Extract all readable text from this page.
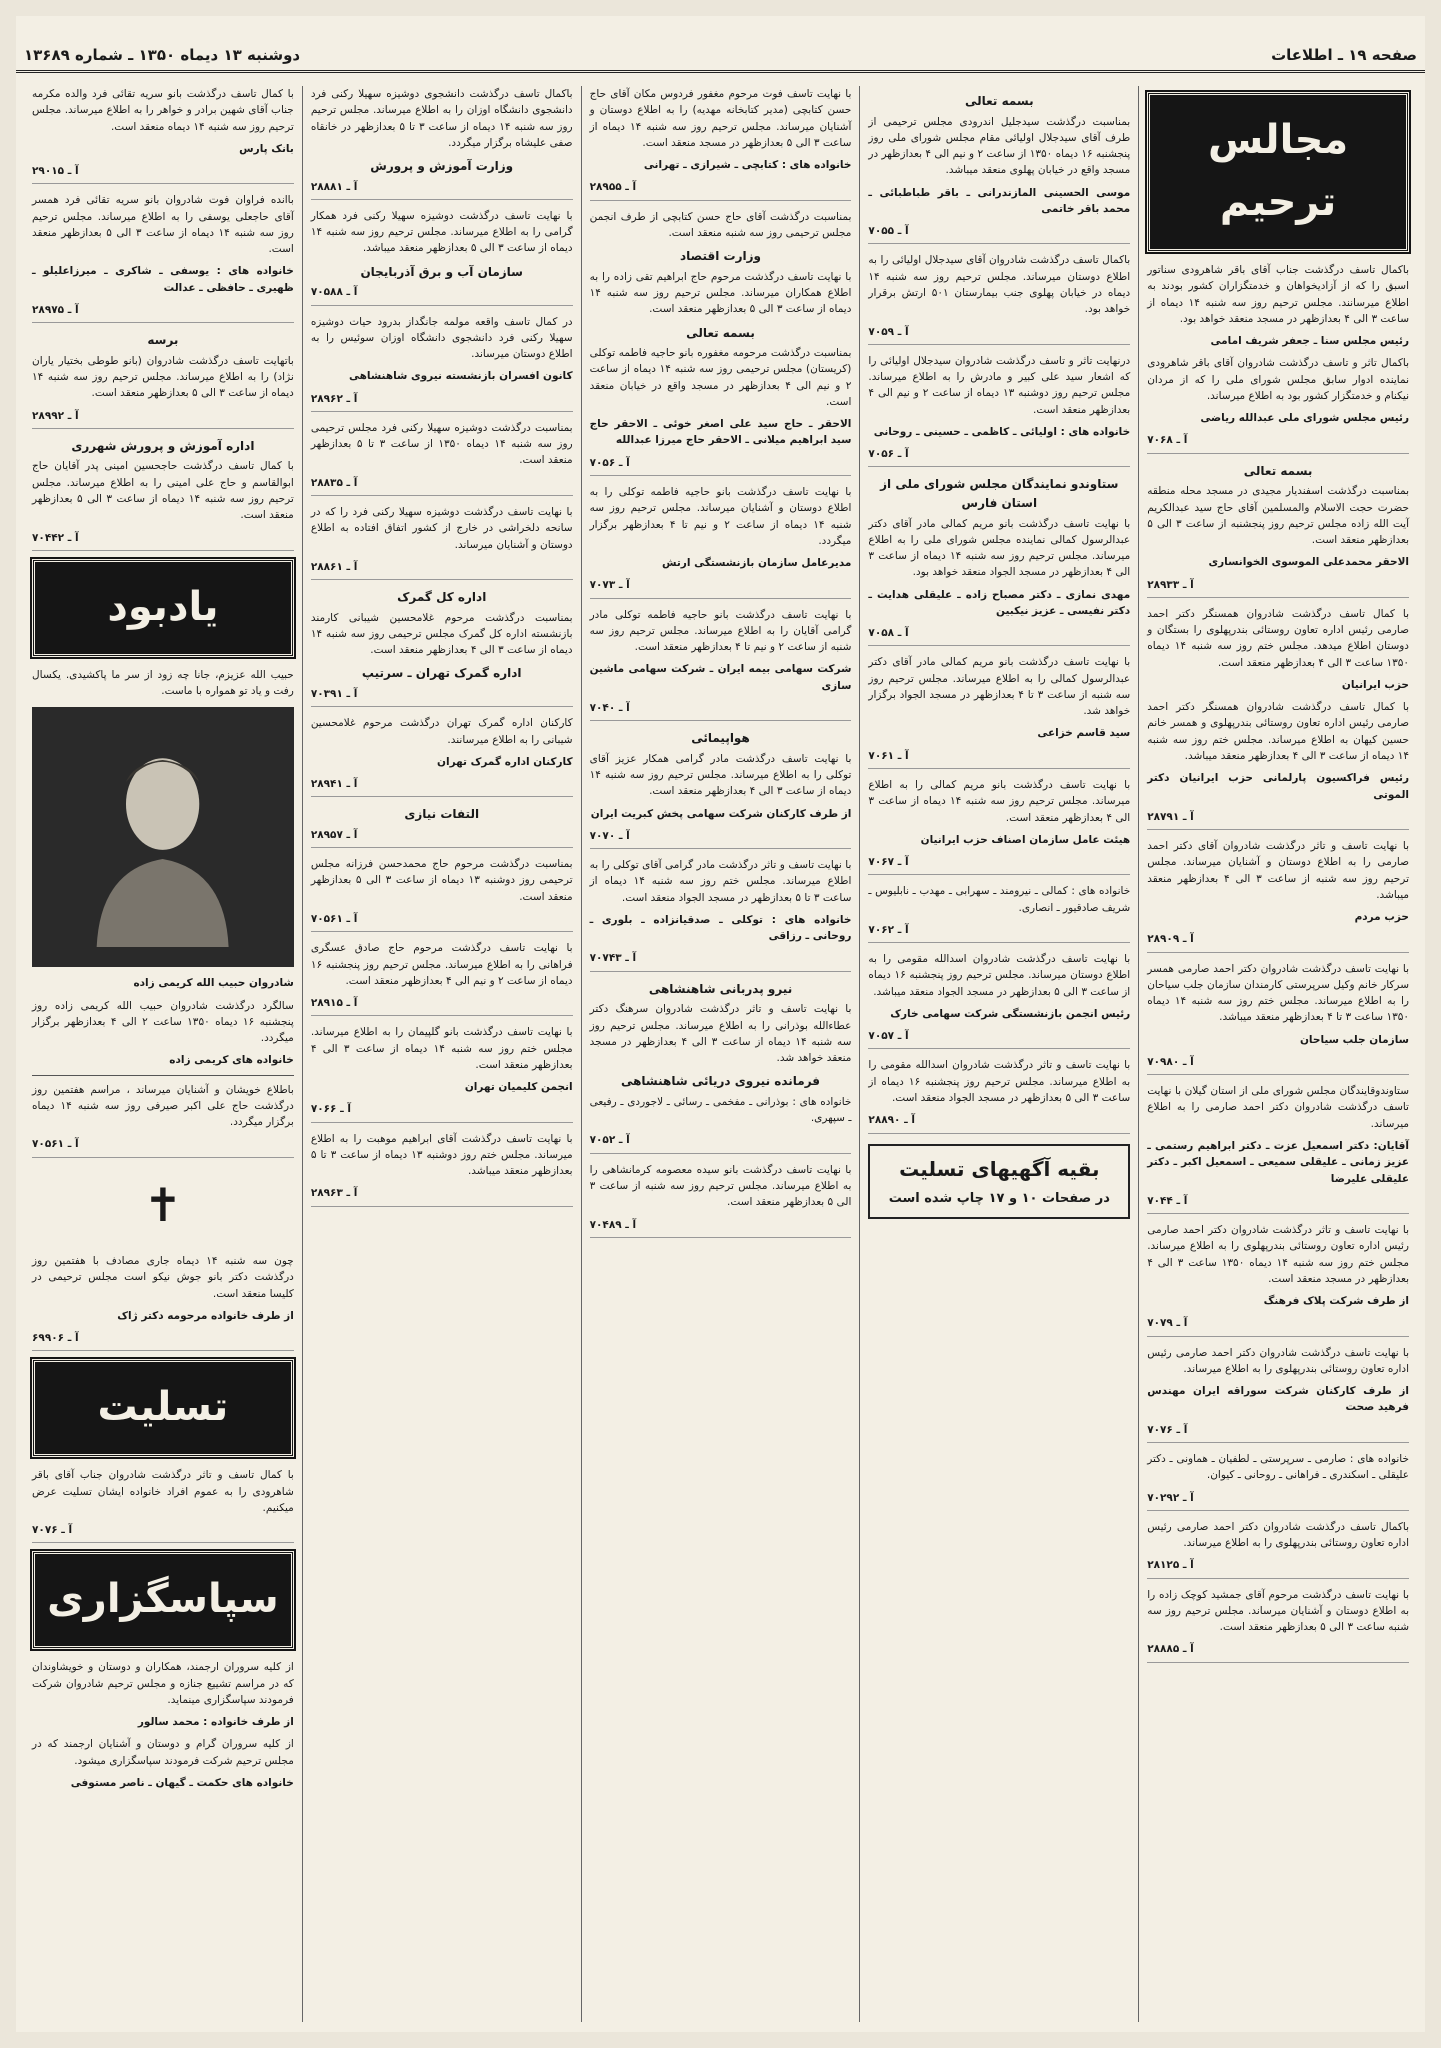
صفحه ۱۹ ـ اطلاعات
دوشنبه ۱۳ دیماه ۱۳۵۰ ـ شماره ۱۳۶۸۹
مجالس ترحيم

باکمال تاسف درگذشت جناب آقای باقر شاهرودی سناتور اسبق را که از آزادیخواهان و خدمتگزاران کشور بودند به اطلاع میرسانند. مجلس ترحیم روز سه شنبه ۱۴ دیماه از ساعت ۳ الی ۴ بعدازظهر در مسجد منعقد خواهد بود.

رئیس مجلس سنا ـ جعفر شریف امامی

باکمال تاثر و تاسف درگذشت شادروان آقای باقر شاهرودی نماینده ادوار سابق مجلس شورای ملی را که از مردان نیکنام و خدمتگزار کشور بود به اطلاع میرساند.

رئیس مجلس شورای ملی عبدالله ریاضی

آ ـ ۷۰۶۸
بسمه تعالی

بمناسبت درگذشت اسفندیار مجیدی در مسجد محله منطقه حضرت حجت الاسلام والمسلمین آقای حاج سید عبدالکریم آیت الله زاده مجلس ترحیم روز پنجشنبه از ساعت ۳ الی ۵ بعدازظهر منعقد است.

الاحقر محمدعلی الموسوی الخوانساری

آ ـ ۲۸۹۳۳

با کمال تاسف درگذشت شادروان همسنگر دکتر احمد صارمی رئیس اداره تعاون روستائی بندرپهلوی را بستگان و دوستان اطلاع میدهد. مجلس ختم روز سه شنبه ۱۴ دیماه ۱۳۵۰ ساعت ۳ الی ۴ بعدازظهر منعقد است.

حزب ایرانیان

با کمال تاسف درگذشت شادروان همسنگر دکتر احمد صارمی رئیس اداره تعاون روستائی بندرپهلوی و همسر خانم حسین کیهان به اطلاع میرساند. مجلس ختم روز سه شنبه ۱۴ دیماه از ساعت ۳ الی ۴ بعدازظهر منعقد میباشد.

رئیس فراکسیون پارلمانی حزب ایرانیان دکتر الموتی

آ ـ ۲۸۷۹۱

با نهایت تاسف و تاثر درگذشت شادروان آقای دکتر احمد صارمی را به اطلاع دوستان و آشنایان میرساند. مجلس ترحیم روز سه شنبه از ساعت ۳ الی ۴ بعدازظهر منعقد میباشد.

حزب مردم

آ ـ ۲۸۹۰۹

با نهایت تاسف درگذشت شادروان دکتر احمد صارمی همسر سرکار خانم وکیل سرپرستی کارمندان سازمان جلب سیاحان را به اطلاع میرساند. مجلس ختم روز سه شنبه ۱۴ دیماه ۱۳۵۰ ساعت ۳ تا ۴ بعدازظهر منعقد میباشد.

سازمان جلب سیاحان

آ ـ ۷۰۹۸۰

ستاوندوقایندگان مجلس شورای ملی از استان گیلان با نهایت تاسف درگذشت شادروان دکتر احمد صارمی را به اطلاع میرساند.

آقایان: دکتر اسمعیل عزت ـ دکتر ابراهیم رستمی ـ عزیز زمانی ـ علیقلی سمیعی ـ اسمعیل اکبر ـ دکتر علیقلی علیرضا

آ ـ ۷۰۴۴

با نهایت تاسف و تاثر درگذشت شادروان دکتر احمد صارمی رئیس اداره تعاون روستائی بندرپهلوی را به اطلاع میرساند. مجلس ختم روز سه شنبه ۱۴ دیماه ۱۳۵۰ ساعت ۳ الی ۴ بعدازظهر در مسجد منعقد است.

از طرف شرکت پلاک فرهنگ

آ ـ ۷۰۷۹

با نهایت تاسف درگذشت شادروان دکتر احمد صارمی رئیس اداره تعاون روستائی بندرپهلوی را به اطلاع میرساند.

از طرف کارکنان شرکت سوراقه ایران مهندس فرهید صحت

آ ـ ۷۰۷۶

خانواده های : صارمی ـ سرپرستی ـ لطفیان ـ هماونی ـ دکتر علیقلی ـ اسکندری ـ فراهانی ـ روحانی ـ کیوان.

آ ـ ۷۰۲۹۲

باکمال تاسف درگذشت شادروان دکتر احمد صارمی رئیس اداره تعاون روستائی بندرپهلوی را به اطلاع میرساند.

آ ـ ۲۸۱۲۵

با نهایت تاسف درگذشت مرحوم آقای جمشید کوچک زاده را به اطلاع دوستان و آشنایان میرساند. مجلس ترحیم روز سه شنبه ساعت ۳ الی ۵ بعدازظهر منعقد است.

آ ـ ۲۸۸۸۵
بسمه تعالی

بمناسبت درگذشت سیدجلیل اندرودی مجلس ترحیمی از طرف آقای سیدجلال اولیائی مقام مجلس شورای ملی روز پنجشنبه ۱۶ دیماه ۱۳۵۰ از ساعت ۲ و نیم الی ۴ بعدازظهر در مسجد واقع در خیابان پهلوی منعقد میباشد.

موسی الحسینی المازندرانی ـ باقر طباطبائی ـ محمد باقر خاتمی

آ ـ ۷۰۵۵

باکمال تاسف درگذشت شادروان آقای سیدجلال اولیائی را به اطلاع دوستان میرساند. مجلس ترحیم روز سه شنبه ۱۴ دیماه در خیابان پهلوی جنب بیمارستان ۵۰۱ ارتش برقرار خواهد بود.

آ ـ ۷۰۵۹

درنهایت تاثر و تاسف درگذشت شادروان سیدجلال اولیائی را که اشعار سید علی کبیر و مادرش را به اطلاع میرساند. مجلس ترحیم روز دوشنبه ۱۳ دیماه از ساعت ۲ و نیم الی ۴ بعدازظهر منعقد است.

خانواده های : اولیائی ـ کاظمی ـ حسینی ـ روحانی

آ ـ ۷۰۵۶
ستاوندو نمایندگان مجلس شورای ملی از استان فارس

با نهایت تاسف درگذشت بانو مریم کمالی مادر آقای دکتر عبدالرسول کمالی نماینده مجلس شورای ملی را به اطلاع میرساند. مجلس ترحیم روز سه شنبه ۱۴ دیماه از ساعت ۳ الی ۴ بعدازظهر در مسجد الجواد منعقد خواهد بود.

مهدی نمازی ـ دکتر مصباح زاده ـ علیقلی هدایت ـ دکتر نفیسی ـ عزیز نیکبین

آ ـ ۷۰۵۸

با نهایت تاسف درگذشت بانو مریم کمالی مادر آقای دکتر عبدالرسول کمالی را به اطلاع میرساند. مجلس ترحیم روز سه شنبه از ساعت ۳ تا ۴ بعدازظهر در مسجد الجواد برگزار خواهد شد.

سید قاسم خزاعی

آ ـ ۷۰۶۱

با نهایت تاسف درگذشت بانو مریم کمالی را به اطلاع میرساند. مجلس ترحیم روز سه شنبه ۱۴ دیماه از ساعت ۳ الی ۴ بعدازظهر منعقد است.

هیئت عامل سازمان اصناف حزب ایرانیان

آ ـ ۷۰۶۷

خانواده های : کمالی ـ نیرومند ـ سهرابی ـ مهدب ـ نابلیوس ـ شریف صادقیور ـ انصاری.

آ ـ ۷۰۶۲

با نهایت تاسف درگذشت شادروان اسدالله مقومی را به اطلاع دوستان میرساند. مجلس ترحیم روز پنجشنبه ۱۶ دیماه از ساعت ۳ الی ۵ بعدازظهر در مسجد الجواد منعقد میباشد.

رئیس انجمن بازنشستگی شرکت سهامی خارک

آ ـ ۷۰۵۷

با نهایت تاسف و تاثر درگذشت شادروان اسدالله مقومی را به اطلاع میرساند. مجلس ترحیم روز پنجشنبه ۱۶ دیماه از ساعت ۳ الی ۵ بعدازظهر در مسجد الجواد منعقد است.

آ ـ ۲۸۸۹۰
بقیه آگهیهای تسلیت
در صفحات ۱۰ و ۱۷ چاپ شده است

با نهایت تاسف فوت مرحوم مغفور فردوس مکان آقای حاج حسن کتابچی (مدیر کتابخانه مهدیه) را به اطلاع دوستان و آشنایان میرساند. مجلس ترحیم روز سه شنبه ۱۴ دیماه از ساعت ۳ الی ۵ بعدازظهر در مسجد منعقد است.

خانواده های : کتابچی ـ شیرازی ـ تهرانی

آ ـ ۲۸۹۵۵

بمناسبت درگذشت آقای حاج حسن کتابچی از طرف انجمن مجلس ترحیمی روز سه شنبه منعقد است.

وزارت اقتصاد

با نهایت تاسف درگذشت مرحوم حاج ابراهیم تقی زاده را به اطلاع همکاران میرساند. مجلس ترحیم روز سه شنبه ۱۴ دیماه از ساعت ۳ الی ۵ بعدازظهر منعقد است.

بسمه تعالی

بمناسبت درگذشت مرحومه مغفوره بانو حاجیه فاطمه توکلی (کریستان) مجلس ترحیمی روز سه شنبه ۱۴ دیماه از ساعت ۲ و نیم الی ۴ بعدازظهر در مسجد واقع در خیابان منعقد است.

الاحقر ـ حاج سید علی اصغر خوئی ـ الاحقر حاج سید ابراهیم میلانی ـ الاحقر حاج میرزا عبدالله

آ ـ ۷۰۵۶

با نهایت تاسف درگذشت بانو حاجیه فاطمه توکلی را به اطلاع دوستان و آشنایان میرساند. مجلس ترحیم روز سه شنبه ۱۴ دیماه از ساعت ۲ و نیم تا ۴ بعدازظهر برگزار میگردد.

مدیرعامل سازمان بازنشستگی ارتش

آ ـ ۷۰۷۳

با نهایت تاسف درگذشت بانو حاجیه فاطمه توکلی مادر گرامی آقایان را به اطلاع میرساند. مجلس ترحیم روز سه شنبه از ساعت ۲ و نیم تا ۴ بعدازظهر منعقد است.

شرکت سهامی بیمه ایران ـ شرکت سهامی ماشین سازی

آ ـ ۷۰۴۰
هواپیمائی

با نهایت تاسف درگذشت مادر گرامی همکار عزیز آقای توکلی را به اطلاع میرساند. مجلس ترحیم روز سه شنبه ۱۴ دیماه از ساعت ۳ الی ۴ بعدازظهر منعقد است.

از طرف کارکنان شرکت سهامی پخش کبریت ایران

آ ـ ۷۰۷۰

با نهایت تاسف و تاثر درگذشت مادر گرامی آقای توکلی را به اطلاع میرساند. مجلس ختم روز سه شنبه ۱۴ دیماه از ساعت ۳ تا ۵ بعدازظهر در مسجد الجواد منعقد است.

خانواده های : توکلی ـ صدقیانزاده ـ بلوری ـ روحانی ـ رزاقی

آ ـ ۷۰۷۴۳
نیرو پدربانی شاهنشاهی

با نهایت تاسف و تاثر درگذشت شادروان سرهنگ دکتر عطاءالله بوذرانی را به اطلاع میرساند. مجلس ترحیم روز سه شنبه ۱۴ دیماه از ساعت ۳ الی ۴ بعدازظهر در مسجد منعقد خواهد شد.

فرمانده نیروی دریائی شاهنشاهی

خانواده های : بوذرانی ـ مفخمی ـ رسائی ـ لاجوردی ـ رفیعی ـ سپهری.

آ ـ ۷۰۵۲

با نهایت تاسف درگذشت بانو سیده معصومه کرمانشاهی را به اطلاع میرساند. مجلس ترحیم روز سه شنبه از ساعت ۳ الی ۵ بعدازظهر منعقد است.

آ ـ ۷۰۴۸۹

باکمال تاسف درگذشت دانشجوی دوشیزه سهیلا رکنی فرد دانشجوی دانشگاه اوزان را به اطلاع میرساند. مجلس ترحیم روز سه شنبه ۱۴ دیماه از ساعت ۳ تا ۵ بعدازظهر در خانقاه صفی علیشاه برگزار میگردد.

وزارت آموزش و پرورش
آ ـ ۲۸۸۸۱

با نهایت تاسف درگذشت دوشیزه سهیلا رکنی فرد همکار گرامی را به اطلاع میرساند. مجلس ترحیم روز سه شنبه ۱۴ دیماه از ساعت ۳ الی ۵ بعدازظهر منعقد میباشد.

سازمان آب و برق آذربایجان
آ ـ ۷۰۵۸۸

در کمال تاسف واقعه مولمه جانگداز بدرود حیات دوشیزه سهیلا رکنی فرد دانشجوی دانشگاه اوزان سوئیس را به اطلاع دوستان میرساند.

کانون افسران بازنشسته نیروی شاهنشاهی

آ ـ ۲۸۹۶۲

بمناسبت درگذشت دوشیزه سهیلا رکنی فرد مجلس ترحیمی روز سه شنبه ۱۴ دیماه ۱۳۵۰ از ساعت ۳ تا ۵ بعدازظهر منعقد است.

آ ـ ۲۸۸۳۵

با نهایت تاسف درگذشت دوشیزه سهیلا رکنی فرد را که در سانحه دلخراشی در خارج از کشور اتفاق افتاده به اطلاع دوستان و آشنایان میرساند.

آ ـ ۲۸۸۶۱
اداره کل گمرک

بمناسبت درگذشت مرحوم غلامحسین شیبانی کارمند بازنشسته اداره کل گمرک مجلس ترحیمی روز سه شنبه ۱۴ دیماه از ساعت ۳ الی ۴ بعدازظهر منعقد است.

اداره گمرک تهران ـ سرتیپ
آ ـ ۷۰۳۹۱

کارکنان اداره گمرک تهران درگذشت مرحوم غلامحسین شیبانی را به اطلاع میرسانند.

کارکنان اداره گمرک تهران

آ ـ ۲۸۹۴۱
التفات نیازی
آ ـ ۲۸۹۵۷

بمناسبت درگذشت مرحوم حاج محمدحسن فرزانه مجلس ترحیمی روز دوشنبه ۱۳ دیماه از ساعت ۳ الی ۵ بعدازظهر منعقد است.

آ ـ ۷۰۵۶۱

با نهایت تاسف درگذشت مرحوم حاج صادق عسگری فراهانی را به اطلاع میرساند. مجلس ترحیم روز پنجشنبه ۱۶ دیماه از ساعت ۲ و نیم الی ۴ بعدازظهر منعقد است.

آ ـ ۲۸۹۱۵

با نهایت تاسف درگذشت بانو گلپیمان را به اطلاع میرساند. مجلس ختم روز سه شنبه ۱۴ دیماه از ساعت ۳ الی ۴ بعدازظهر منعقد است.

انجمن کلیمیان تهران

آ ـ ۷۰۶۶

با نهایت تاسف درگذشت آقای ابراهیم موهبت را به اطلاع میرساند. مجلس ختم روز دوشنبه ۱۳ دیماه از ساعت ۳ تا ۵ بعدازظهر منعقد میباشد.

آ ـ ۲۸۹۶۳

با کمال تاسف درگذشت بانو سریه تقائی فرد والده مکرمه جناب آقای شهین برادر و خواهر را به اطلاع میرساند. مجلس ترحیم روز سه شنبه ۱۴ دیماه منعقد است.

بانک پارس

آ ـ ۲۹۰۱۵

باانده فراوان فوت شادروان بانو سریه تقائی فرد همسر آقای حاجعلی یوسفی را به اطلاع میرساند. مجلس ترحیم روز سه شنبه ۱۴ دیماه از ساعت ۳ الی ۵ بعدازظهر منعقد است.

خانواده های : یوسفی ـ شاکری ـ میرزاعلیلو ـ ظهیری ـ حافظی ـ عدالت

آ ـ ۲۸۹۷۵
برسه

باتهایت تاسف درگذشت شادروان (بانو طوطی بختیار یاران نژاد) را به اطلاع میرساند. مجلس ترحیم روز سه شنبه ۱۴ دیماه از ساعت ۳ الی ۵ بعدازظهر منعقد است.

آ ـ ۲۸۹۹۲
اداره آموزش و پرورش شهرری

با کمال تاسف درگذشت حاجحسین امینی پدر آقایان حاج ابوالقاسم و حاج علی امینی را به اطلاع میرساند. مجلس ترحیم روز سه شنبه ۱۴ دیماه از ساعت ۳ الی ۵ بعدازظهر منعقد است.

آ ـ ۷۰۴۴۲
یادبود

حبیب الله عزیزم، جانا چه زود از سر ما پاکشیدی. یکسال رفت و یاد تو همواره با ماست.

شادروان حبیب الله کریمی زاده

سالگرد درگذشت شادروان حبیب الله کریمی زاده روز پنجشنبه ۱۶ دیماه ۱۳۵۰ ساعت ۲ الی ۴ بعدازظهر برگزار میگردد.

خانواده های کریمی زاده

باطلاع خویشان و آشنایان میرساند ، مراسم هفتمین روز درگذشت حاج علی اکبر صیرفی روز سه شنبه ۱۴ دیماه برگزار میگردد.

آ ـ ۷۰۵۶۱
✝

چون سه شنبه ۱۴ دیماه جاری مصادف با هفتمین روز درگذشت دکتر بانو جوش نیکو است مجلس ترحیمی در کلیسا منعقد است.

از طرف خانواده مرحومه دکتر ژاک

آ ـ ۶۹۹۰۶
تسلیت

با کمال تاسف و تاثر درگذشت شادروان جناب آقای باقر شاهرودی را به عموم افراد خانواده ایشان تسلیت عرض میکنیم.

آ ـ ۷۰۷۶
سپاسگزاری

از کلیه سروران ارجمند، همکاران و دوستان و خویشاوندان که در مراسم تشییع جنازه و مجلس ترحیم شادروان شرکت فرمودند سپاسگزاری مینماید.

از طرف خانواده : محمد سالور

از کلیه سروران گرام و دوستان و آشنایان ارجمند که در مجلس ترحیم شرکت فرمودند سپاسگزاری میشود.

خانواده های حکمت ـ گیهان ـ ناصر مستوفی
